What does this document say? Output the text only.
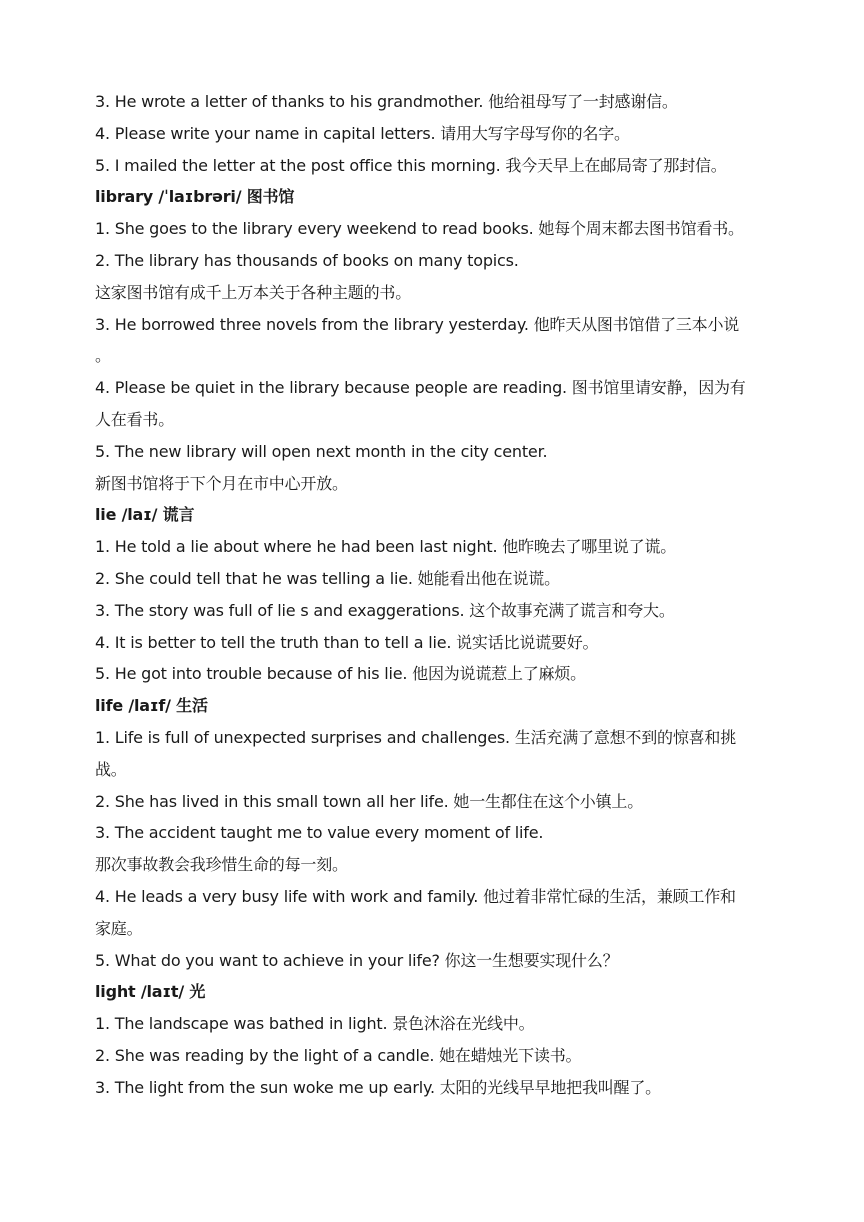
3. He wrote a letter of thanks to his grandmother. 他给祖母写了一封感谢信。
4. Please write your name in capital letters. 请用大写字母写你的名字。
5. I mailed the letter at the post office this morning. 我今天早上在邮局寄了那封信。
library /ˈlaɪbrəri/ 图书馆
1. She goes to the library every weekend to read books. 她每个周末都去图书馆看书。
2. The library has thousands of books on many topics.
这家图书馆有成千上万本关于各种主题的书。
3. He borrowed three novels from the library yesterday. 他昨天从图书馆借了三本小说
。
4. Please be quiet in the library because people are reading. 图书馆里请安静，因为有
人在看书。
5. The new library will open next month in the city center.
新图书馆将于下个月在市中心开放。
lie /laɪ/ 谎言
1. He told a lie about where he had been last night. 他昨晚去了哪里说了谎。
2. She could tell that he was telling a lie. 她能看出他在说谎。
3. The story was full of lie s and exaggerations. 这个故事充满了谎言和夸大。
4. It is better to tell the truth than to tell a lie. 说实话比说谎要好。
5. He got into trouble because of his lie. 他因为说谎惹上了麻烦。
life /laɪf/ 生活
1. Life is full of unexpected surprises and challenges. 生活充满了意想不到的惊喜和挑
战。
2. She has lived in this small town all her life. 她一生都住在这个小镇上。
3. The accident taught me to value every moment of life.
那次事故教会我珍惜生命的每一刻。
4. He leads a very busy life with work and family. 他过着非常忙碌的生活，兼顾工作和
家庭。
5. What do you want to achieve in your life? 你这一生想要实现什么？
light /laɪt/ 光
1. The landscape was bathed in light. 景色沐浴在光线中。
2. She was reading by the light of a candle. 她在蜡烛光下读书。
3. The light from the sun woke me up early. 太阳的光线早早地把我叫醒了。
